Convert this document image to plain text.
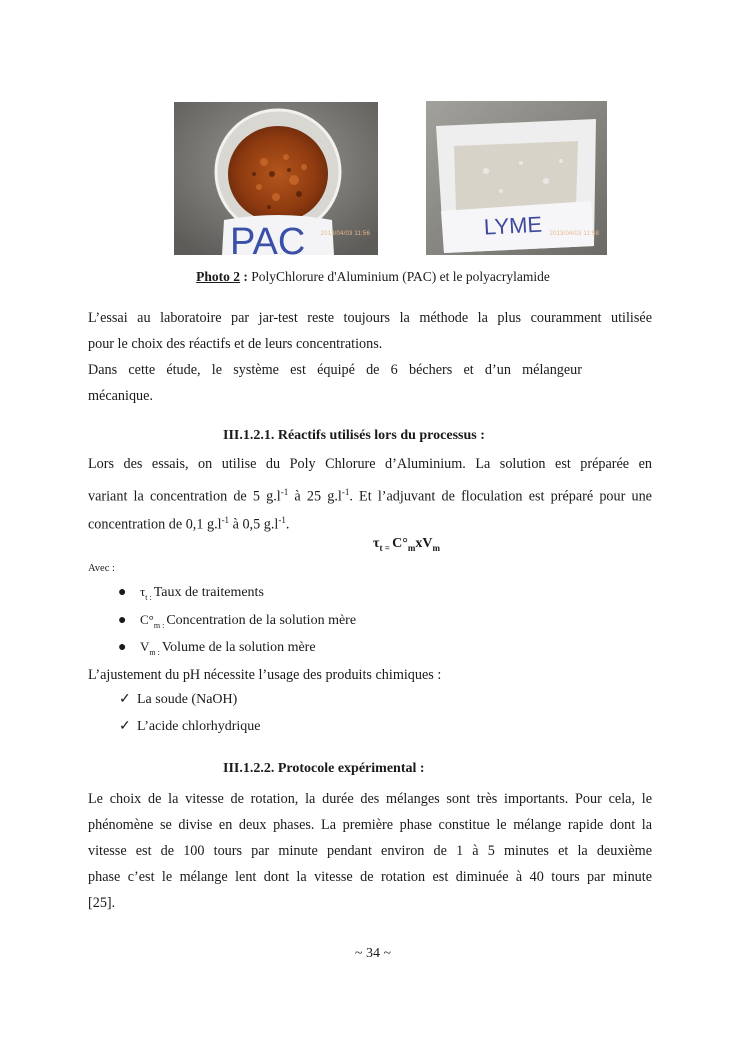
PAC	2013/04/03 11:56	LYME 2013/04/03 11:58
Photo 2 : PolyChlorure d'Aluminium (PAC) et le polyacrylamide
L’essai au laboratoire par jar-test reste toujours la méthode la plus couramment utilisée
pour le choix des réactifs et de leurs concentrations.
Dans cette étude, le système est équipé de 6 béchers et d’un mélangeur
mécanique.
III.1.2.1. Réactifs utilisés lors du processus :
Lors des essais, on utilise du Poly Chlorure d’Aluminium. La solution est préparée en
variant la concentration de 5 $g.l^{-1}$ à 25 $g.l^{-1}$. Et l’adjuvant de floculation est préparé pour une
concentration de 0,1 $g.l^{-1}$ à 0,5 $g.l^{-1}$.
$\tau_{t =}$ $C^\circ_mxV_m$
Avec :
● $\tau_{t :}$ Taux de traitements
● $C^\circ_{m :}$ Concentration de la solution mère
● $V_{m :}$ Volume de la solution mère
L’ajustement du pH nécessite l’usage des produits chimiques :
✓ La soude (NaOH)
✓ L’acide chlorhydrique
III.1.2.2. Protocole expérimental :
Le choix de la vitesse de rotation, la durée des mélanges sont très importants. Pour cela, le
phénomène se divise en deux phases. La première phase constitue le mélange rapide dont la
vitesse est de 100 tours par minute pendant environ de 1 à 5 minutes et la deuxième
phase c’est le mélange lent dont la vitesse de rotation est diminuée à 40 tours par minute
[25].
~ 34 ~
